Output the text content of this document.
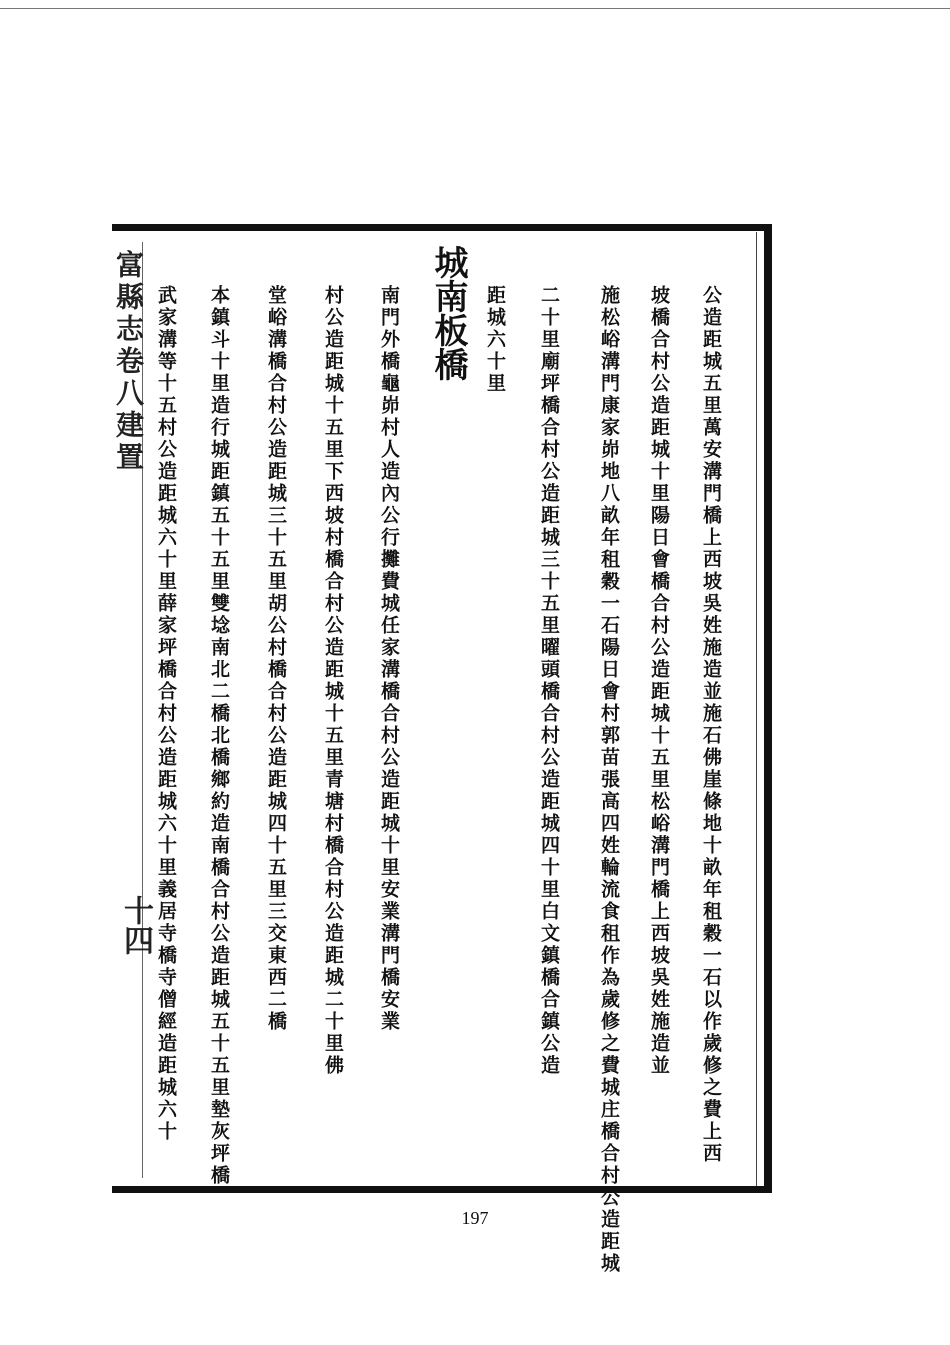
富縣志卷八建置
十四	公造距城五里萬安溝門橋上西坡吳姓施造並施石佛崖條地十畝年租穀一石以作歲修之費上西
坡橋合村公造距城十里陽日會橋合村公造距城十五里松峪溝門橋上西坡吳姓施造並
施松峪溝門康家峁地八畝年租穀一石陽日會村郭苗張高四姓輪流食租作為歲修之費城庄橋合村公造距城
二十里廟坪橋合村公造距城三十五里曜頭橋合村公造距城四十里白文鎮橋合鎮公造
距城六十里
城南板橋
南門外橋龜峁村人造內公行攤費城任家溝橋合村公造距城十里安業溝門橋安業
村公造距城十五里下西坡村橋合村公造距城十五里青塘村橋合村公造距城二十里佛
堂峪溝橋合村公造距城三十五里胡公村橋合村公造距城四十五里三交東西二橋
本鎮斗十里造行城距鎮五十五里雙埝南北二橋北橋鄉約造南橋合村公造距城五十五里墊灰坪橋
武家溝等十五村公造距城六十里薛家坪橋合村公造距城六十里義居寺橋寺僧經造距城六十
197
